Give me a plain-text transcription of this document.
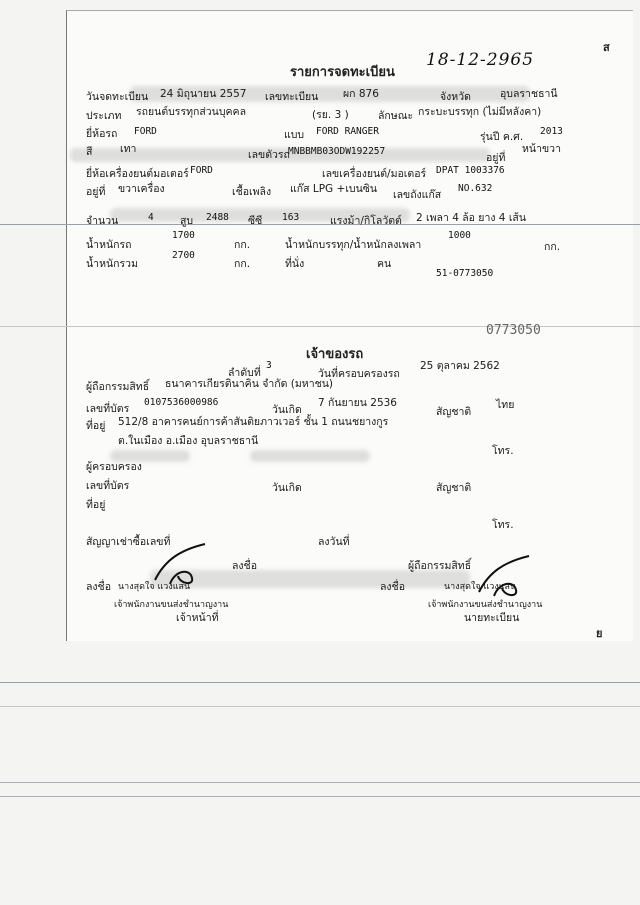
ส
ย
18-12-2965
รายการจดทะเบียน
วันจดทะเบียน 24 มิถุนายน 2557 เลขทะเบียน ผก 876	จังหวัด	อุบลราชธานี
ประเภท รถยนต์บรรทุกส่วนบุคคล	(รย. 3 )	ลักษณะ กระบะบรรทุก (ไม่มีหลังคา)
ยี่ห้อรถ FORD	แบบ FORD RANGER	รุ่นปี ค.ศ. 2013
สี	เทา	เลขตัวรถ
MNBBMB03ODW192257
อยู่ที่
หน้าขวา
ยี่ห้อเครื่องยนต์มอเตอร์ FORD	เลขเครื่องยนต์/มอเตอร์ DPAT 1003376
อยู่ที่ ขวาเครื่อง	เชื้อเพลิง แก๊ส LPG +เบนซิน เลขถังแก๊ส
NO.632
จำนวน	4	สูบ 2488 ซีซี 163	แรงม้า/กิโลวัตต์ 2 เพลา 4 ล้อ ยาง 4 เส้น
น้ำหนักรถ
1700
กก.	น้ำหนักบรรทุก/น้ำหนักลงเพลา
1000
กก.
น้ำหนักรวม
2700
กก.	ที่นั่ง	คน
51-0773050
0773050
เจ้าของรถ
ลำดับที่
3
วันที่ครอบครองรถ
25 ตุลาคม 2562
ผู้ถือกรรมสิทธิ์ ธนาคารเกียรตินาคิน จำกัด (มหาชน)
เลขที่บัตร
0107536000986
วันเกิด
7 กันยายน 2536
สัญชาติ
ไทย
ที่อยู่ 512/8 อาคารคนย์การค้าสันติยภาวเวอร์ ชั้น 1 ถนนชยางกูร
ต.ในเมือง อ.เมือง อุบลราชธานี
โทร.
ผู้ครอบครอง
เลขที่บัตร	วันเกิด	สัญชาติ
ที่อยู่
โทร.
สัญญาเช่าซื้อเลขที่	ลงวันที่
ลงชื่อ	ผู้ถือกรรมสิทธิ์
ลงชื่อ นางสุดใจ แวงแสน
เจ้าพนักงานขนส่งชำนาญงาน
เจ้าหน้าที่
ลงชื่อ	นางสุดใจ แวงแสน
เจ้าพนักงานขนส่งชำนาญงาน
นายทะเบียน
